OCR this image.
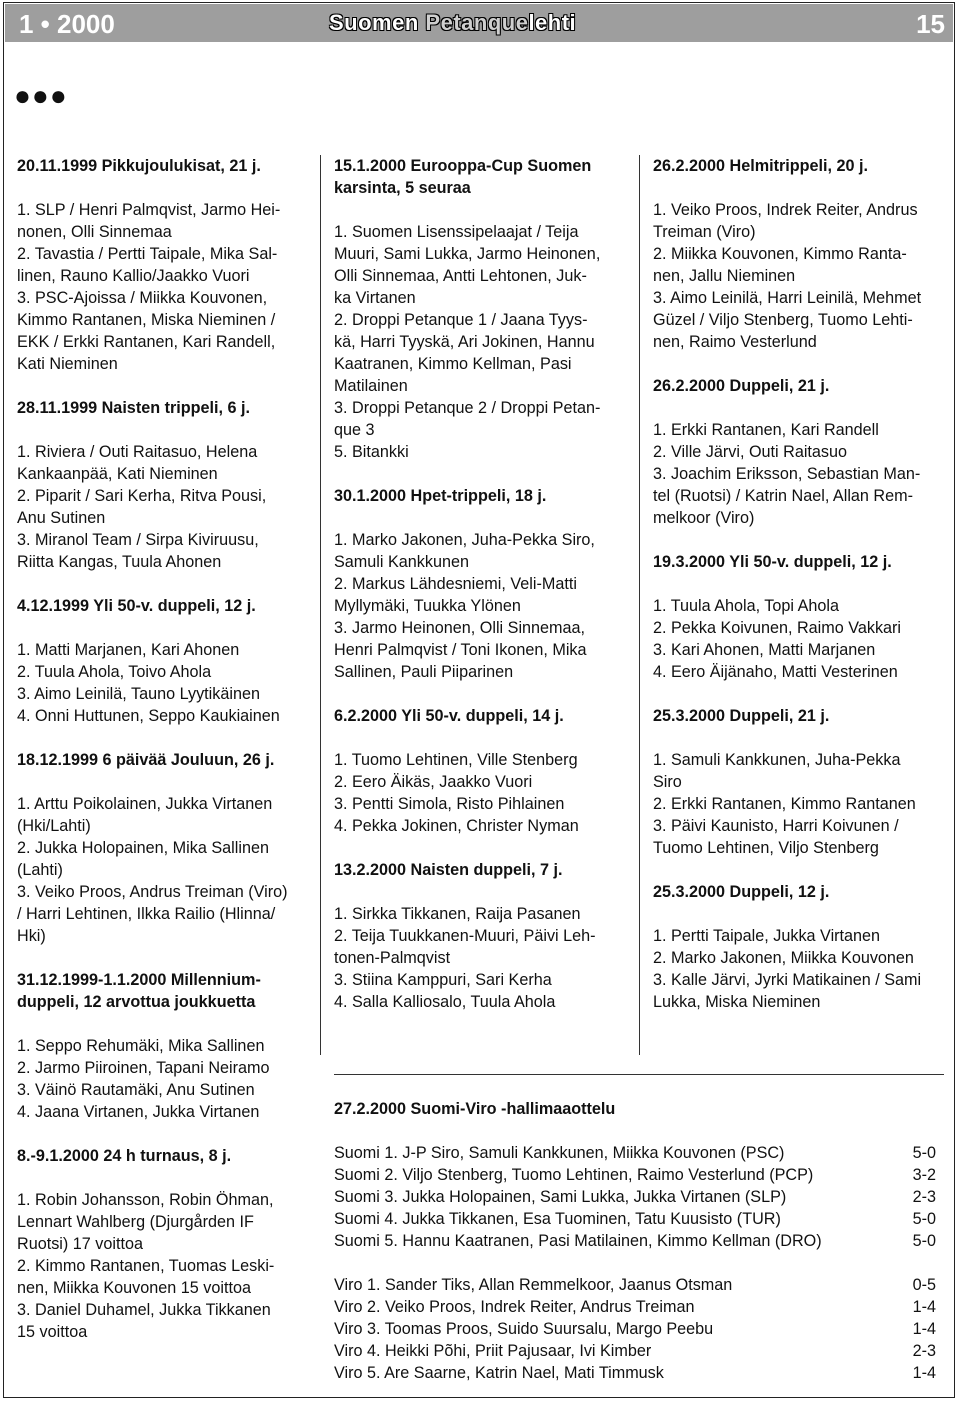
1 • 2000	Suomen Petanquelehti	15
●●●
20.11.1999 Pikkujoulukisat, 21 j.

1. SLP / Henri Palmqvist, Jarmo Hei-

nonen, Olli Sinnemaa

2. Tavastia / Pertti Taipale, Mika Sal-

linen, Rauno Kallio/Jaakko Vuori

3. PSC-Ajoissa / Miikka Kouvonen,

Kimmo Rantanen, Miska Nieminen /

EKK / Erkki Rantanen, Kari Randell,

Kati Nieminen

28.11.1999 Naisten trippeli, 6 j.

1. Riviera / Outi Raitasuo, Helena

Kankaanpää, Kati Nieminen

2. Piparit / Sari Kerha, Ritva Pousi,

Anu Sutinen

3. Miranol Team / Sirpa Kiviruusu,

Riitta Kangas, Tuula Ahonen

4.12.1999 Yli 50-v. duppeli, 12 j.

1. Matti Marjanen, Kari Ahonen

2. Tuula Ahola, Toivo Ahola

3. Aimo Leinilä, Tauno Lyytikäinen

4. Onni Huttunen, Seppo Kaukiainen

18.12.1999 6 päivää Jouluun, 26 j.

1. Arttu Poikolainen, Jukka Virtanen

(Hki/Lahti)

2. Jukka Holopainen, Mika Sallinen

(Lahti)

3. Veiko Proos, Andrus Treiman (Viro)

/ Harri Lehtinen, Ilkka Railio (Hlinna/

Hki)

31.12.1999-1.1.2000 Millennium-
duppeli, 12 arvottua joukkuetta

1. Seppo Rehumäki, Mika Sallinen

2. Jarmo Piiroinen, Tapani Neiramo

3. Väinö Rautamäki, Anu Sutinen

4. Jaana Virtanen, Jukka Virtanen

8.-9.1.2000 24 h turnaus, 8 j.

1. Robin Johansson, Robin Öhman,

Lennart Wahlberg (Djurgården IF

Ruotsi) 17 voittoa

2. Kimmo Rantanen, Tuomas Leski-

nen, Miikka Kouvonen 15 voittoa

3. Daniel Duhamel, Jukka Tikkanen

15 voittoa

15.1.2000 Eurooppa-Cup Suomen
karsinta, 5 seuraa

1. Suomen Lisenssipelaajat / Teija

Muuri, Sami Lukka, Jarmo Heinonen,

Olli Sinnemaa, Antti Lehtonen, Juk-

ka Virtanen

2. Droppi Petanque 1 / Jaana Tyys-

kä, Harri Tyyskä, Ari Jokinen, Hannu

Kaatranen, Kimmo Kellman, Pasi

Matilainen

3. Droppi Petanque 2 / Droppi Petan-

que 3

5. Bitankki

30.1.2000 Hpet-trippeli, 18 j.

1. Marko Jakonen, Juha-Pekka Siro,

Samuli Kankkunen

2. Markus Lähdesniemi, Veli-Matti

Myllymäki, Tuukka Ylönen

3. Jarmo Heinonen, Olli Sinnemaa,

Henri Palmqvist / Toni Ikonen, Mika

Sallinen, Pauli Piiparinen

6.2.2000 Yli 50-v. duppeli, 14 j.

1. Tuomo Lehtinen, Ville Stenberg

2. Eero Äikäs, Jaakko Vuori

3. Pentti Simola, Risto Pihlainen

4. Pekka Jokinen, Christer Nyman

13.2.2000 Naisten duppeli, 7 j.

1. Sirkka Tikkanen, Raija Pasanen

2. Teija Tuukkanen-Muuri, Päivi Leh-

tonen-Palmqvist

3. Stiina Kamppuri, Sari Kerha

4. Salla Kalliosalo, Tuula Ahola

26.2.2000 Helmitrippeli, 20 j.

1. Veiko Proos, Indrek Reiter, Andrus

Treiman (Viro)

2. Miikka Kouvonen, Kimmo Ranta-

nen, Jallu Nieminen

3. Aimo Leinilä, Harri Leinilä, Mehmet

Güzel / Viljo Stenberg, Tuomo Lehti-

nen, Raimo Vesterlund

26.2.2000 Duppeli, 21 j.

1. Erkki Rantanen, Kari Randell

2. Ville Järvi, Outi Raitasuo

3. Joachim Eriksson, Sebastian Man-

tel (Ruotsi) / Katrin Nael, Allan Rem-

melkoor (Viro)

19.3.2000 Yli 50-v. duppeli, 12 j.

1. Tuula Ahola, Topi Ahola

2. Pekka Koivunen, Raimo Vakkari

3. Kari Ahonen, Matti Marjanen

4. Eero Äijänaho, Matti Vesterinen

25.3.2000 Duppeli, 21 j.

1. Samuli Kankkunen, Juha-Pekka

Siro

2. Erkki Rantanen, Kimmo Rantanen

3. Päivi Kaunisto, Harri Koivunen /

Tuomo Lehtinen, Viljo Stenberg

25.3.2000 Duppeli, 12 j.

1. Pertti Taipale, Jukka Virtanen

2. Marko Jakonen, Miikka Kouvonen

3. Kalle Järvi, Jyrki Matikainen / Sami

Lukka, Miska Nieminen

27.2.2000 Suomi-Viro -hallimaaottelu
Suomi 1. J-P Siro, Samuli Kankkunen, Miikka Kouvonen (PSC)	5-0
Suomi 2. Viljo Stenberg, Tuomo Lehtinen, Raimo Vesterlund (PCP)	3-2
Suomi 3. Jukka Holopainen, Sami Lukka, Jukka Virtanen (SLP)	2-3
Suomi 4. Jukka Tikkanen, Esa Tuominen, Tatu Kuusisto (TUR)	5-0
Suomi 5. Hannu Kaatranen, Pasi Matilainen, Kimmo Kellman (DRO)	5-0
Viro 1. Sander Tiks, Allan Remmelkoor, Jaanus Otsman	0-5
Viro 2. Veiko Proos, Indrek Reiter, Andrus Treiman	1-4
Viro 3. Toomas Proos, Suido Suursalu, Margo Peebu	1-4
Viro 4. Heikki Põhi, Priit Pajusaar, Ivi Kimber	2-3
Viro 5. Are Saarne, Katrin Nael, Mati Timmusk	1-4
